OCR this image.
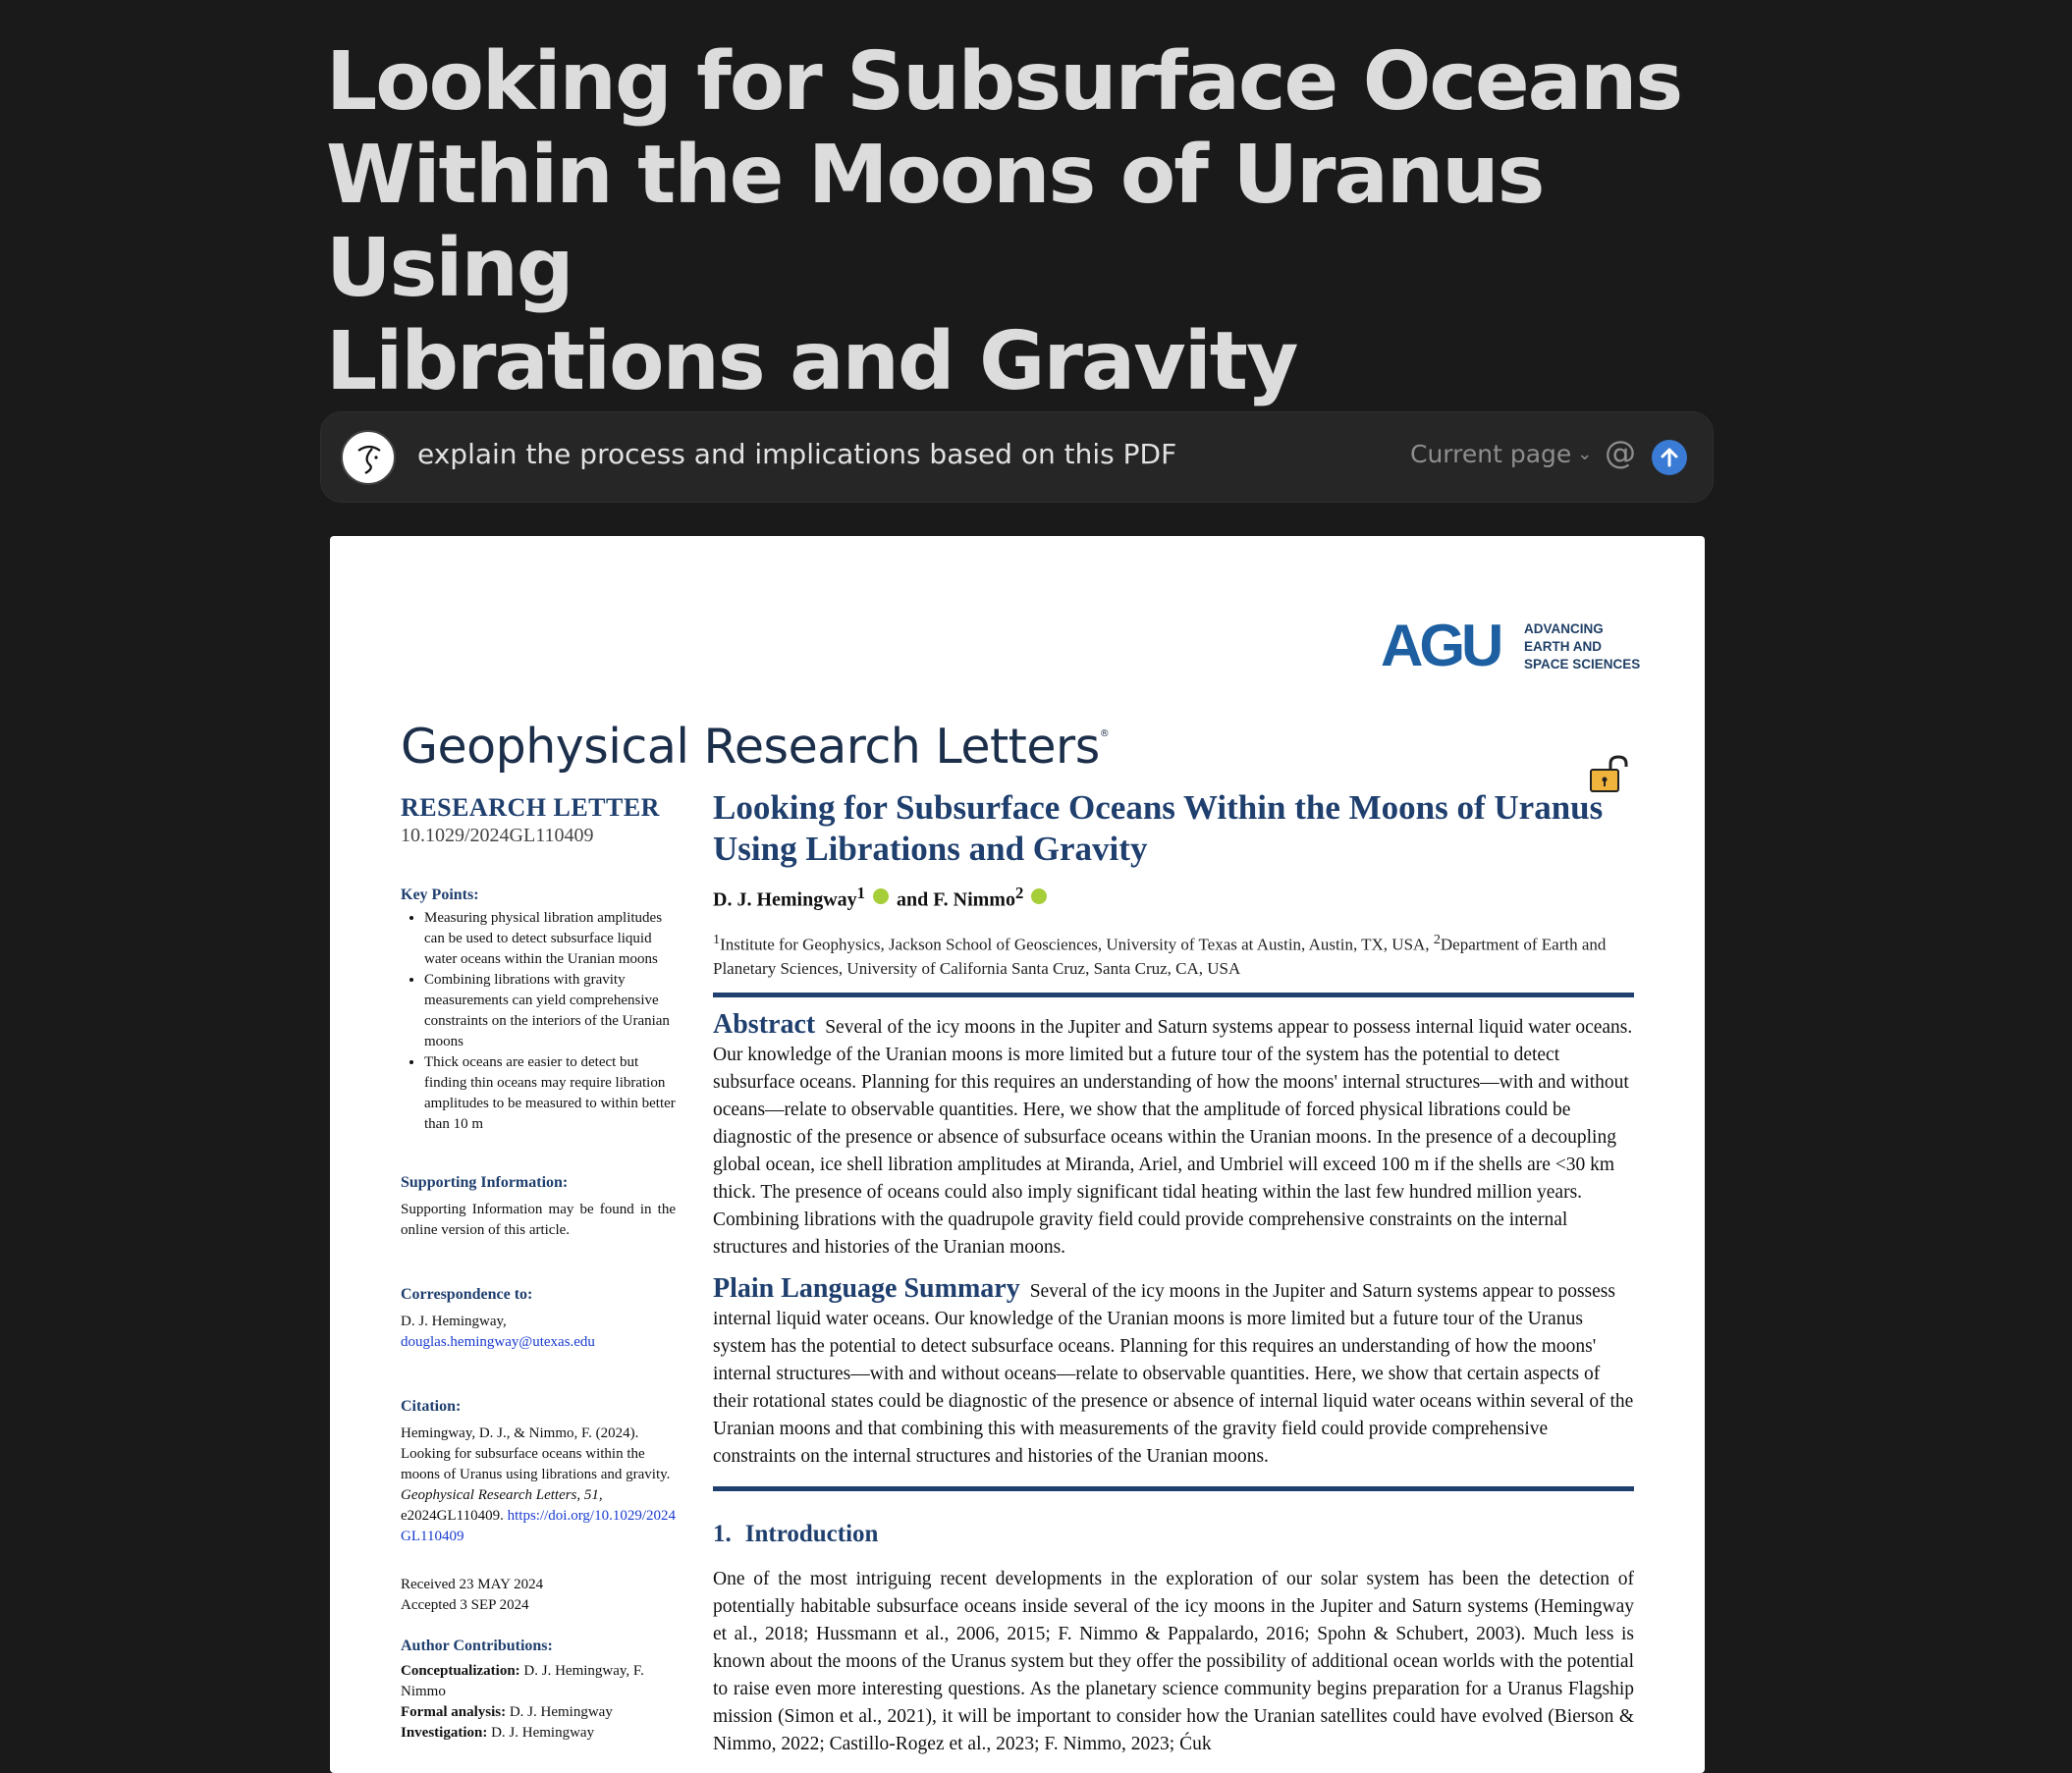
Looking for Subsurface Oceans
Within the Moons of Uranus Using
Librations and Gravity
explain the process and implications based on this PDF	Current page ⌄ @
AGU ADVANCING
EARTH AND
SPACE SCIENCES
Geophysical Research Letters®
RESEARCH LETTER
10.1029/2024GL110409
Key Points:
• Measuring physical libration amplitudes can be used to detect subsurface liquid water oceans within the Uranian moons
• Combining librations with gravity measurements can yield comprehensive constraints on the interiors of the Uranian moons
• Thick oceans are easier to detect but finding thin oceans may require libration amplitudes to be measured to within better than 10 m
Supporting Information:
Supporting Information may be found in the online version of this article.
Correspondence to:
D. J. Hemingway,
douglas.hemingway@utexas.edu
Citation:
Hemingway, D. J., & Nimmo, F. (2024). Looking for subsurface oceans within the moons of Uranus using librations and gravity. Geophysical Research Letters, 51, e2024GL110409. https://doi.org/10.1029/2024GL110409
Received 23 MAY 2024
Accepted 3 SEP 2024
Author Contributions:
Conceptualization: D. J. Hemingway, F. Nimmo
Formal analysis: D. J. Hemingway
Investigation: D. J. Hemingway
Looking for Subsurface Oceans Within the Moons of Uranus Using Librations and Gravity
D. J. Hemingway$^1$ and F. Nimmo$^2$
$^1$Institute for Geophysics, Jackson School of Geosciences, University of Texas at Austin, Austin, TX, USA, $^2$Department of Earth and Planetary Sciences, University of California Santa Cruz, Santa Cruz, CA, USA
Abstract Several of the icy moons in the Jupiter and Saturn systems appear to possess internal liquid water oceans. Our knowledge of the Uranian moons is more limited but a future tour of the system has the potential to detect subsurface oceans. Planning for this requires an understanding of how the moons' internal structures—with and without oceans—relate to observable quantities. Here, we show that the amplitude of forced physical librations could be diagnostic of the presence or absence of subsurface oceans within the Uranian moons. In the presence of a decoupling global ocean, ice shell libration amplitudes at Miranda, Ariel, and Umbriel will exceed 100 m if the shells are <30 km thick. The presence of oceans could also imply significant tidal heating within the last few hundred million years. Combining librations with the quadrupole gravity field could provide comprehensive constraints on the internal structures and histories of the Uranian moons.
Plain Language Summary Several of the icy moons in the Jupiter and Saturn systems appear to possess internal liquid water oceans. Our knowledge of the Uranian moons is more limited but a future tour of the Uranus system has the potential to detect subsurface oceans. Planning for this requires an understanding of how the moons' internal structures—with and without oceans—relate to observable quantities. Here, we show that certain aspects of their rotational states could be diagnostic of the presence or absence of internal liquid water oceans within several of the Uranian moons and that combining this with measurements of the gravity field could provide comprehensive constraints on the internal structures and histories of the Uranian moons.
1. Introduction
One of the most intriguing recent developments in the exploration of our solar system has been the detection of potentially habitable subsurface oceans inside several of the icy moons in the Jupiter and Saturn systems (Hemingway et al., 2018; Hussmann et al., 2006, 2015; F. Nimmo & Pappalardo, 2016; Spohn & Schubert, 2003). Much less is known about the moons of the Uranus system but they offer the possibility of additional ocean worlds with the potential to raise even more interesting questions. As the planetary science community begins preparation for a Uranus Flagship mission (Simon et al., 2021), it will be important to consider how the Uranian satellites could have evolved (Bierson & Nimmo, 2022; Castillo-Rogez et al., 2023; F. Nimmo, 2023; Ćuk
